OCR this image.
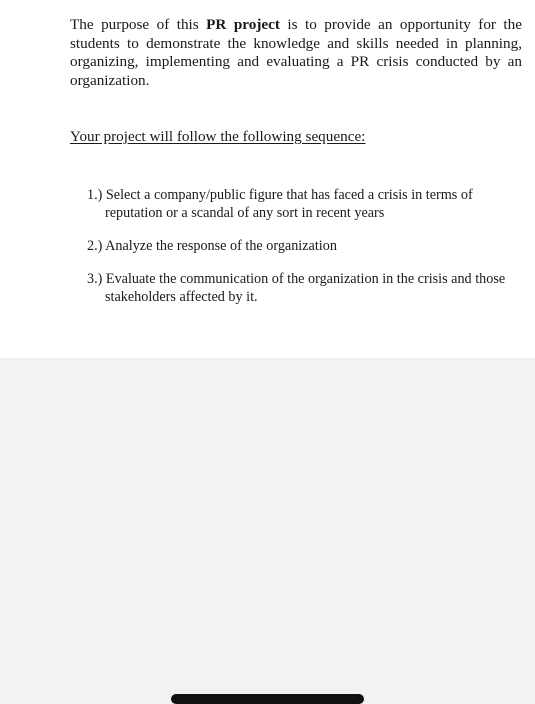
The purpose of this PR project is to provide an opportunity for the students to demonstrate the knowledge and skills needed in planning, organizing, implementing and evaluating a PR crisis conducted by an organization.

Your project will follow the following sequence:

1.) Select a company/public figure that has faced a crisis in terms of reputation or a scandal of any sort in recent years
2.) Analyze the response of the organization
3.) Evaluate the communication of the organization in the crisis and those stakeholders affected by it.
